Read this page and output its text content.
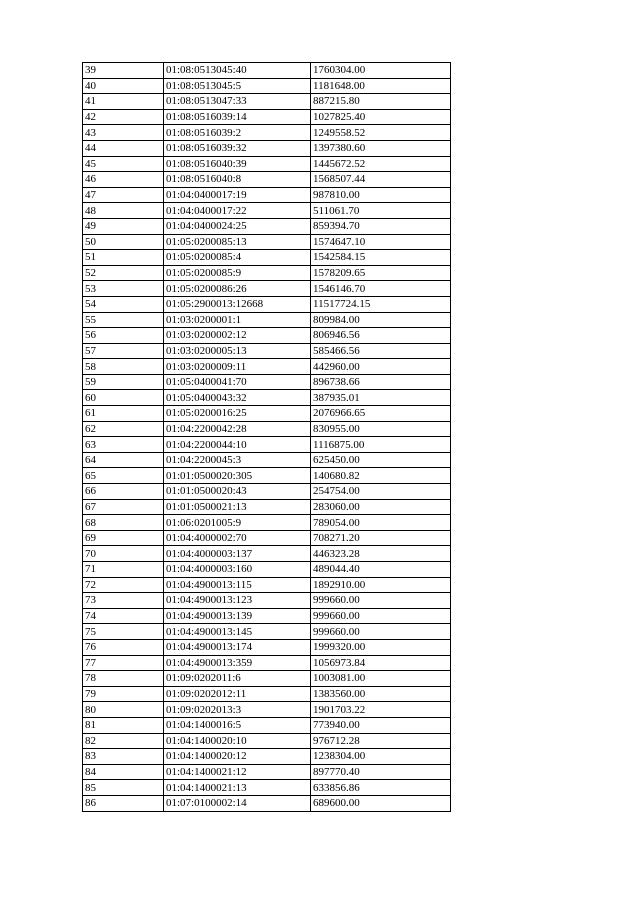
39	01:08:0513045:40	1760304.00
40	01:08:0513045:5	1181648.00
41	01:08:0513047:33	887215.80
42	01:08:0516039:14	1027825.40
43	01:08:0516039:2	1249558.52
44	01:08:0516039:32	1397380.60
45	01:08:0516040:39	1445672.52
46	01:08:0516040:8	1568507.44
47	01:04:0400017:19	987810.00
48	01:04:0400017:22	511061.70
49	01:04:0400024:25	859394.70
50	01:05:0200085:13	1574647.10
51	01:05:0200085:4	1542584.15
52	01:05:0200085:9	1578209.65
53	01:05:0200086:26	1546146.70
54	01:05:2900013:12668	11517724.15
55	01:03:0200001:1	809984.00
56	01:03:0200002:12	806946.56
57	01:03:0200005:13	585466.56
58	01:03:0200009:11	442960.00
59	01:05:0400041:70	896738.66
60	01:05:0400043:32	387935.01
61	01:05:0200016:25	2076966.65
62	01:04:2200042:28	830955.00
63	01:04:2200044:10	1116875.00
64	01:04:2200045:3	625450.00
65	01:01:0500020:305	140680.82
66	01:01:0500020:43	254754.00
67	01:01:0500021:13	283060.00
68	01:06:0201005:9	789054.00
69	01:04:4000002:70	708271.20
70	01:04:4000003:137	446323.28
71	01:04:4000003:160	489044.40
72	01:04:4900013:115	1892910.00
73	01:04:4900013:123	999660.00
74	01:04:4900013:139	999660.00
75	01:04:4900013:145	999660.00
76	01:04:4900013:174	1999320.00
77	01:04:4900013:359	1056973.84
78	01:09:0202011:6	1003081.00
79	01:09:0202012:11	1383560.00
80	01:09:0202013:3	1901703.22
81	01:04:1400016:5	773940.00
82	01:04:1400020:10	976712.28
83	01:04:1400020:12	1238304.00
84	01:04:1400021:12	897770.40
85	01:04:1400021:13	633856.86
86	01:07:0100002:14	689600.00
